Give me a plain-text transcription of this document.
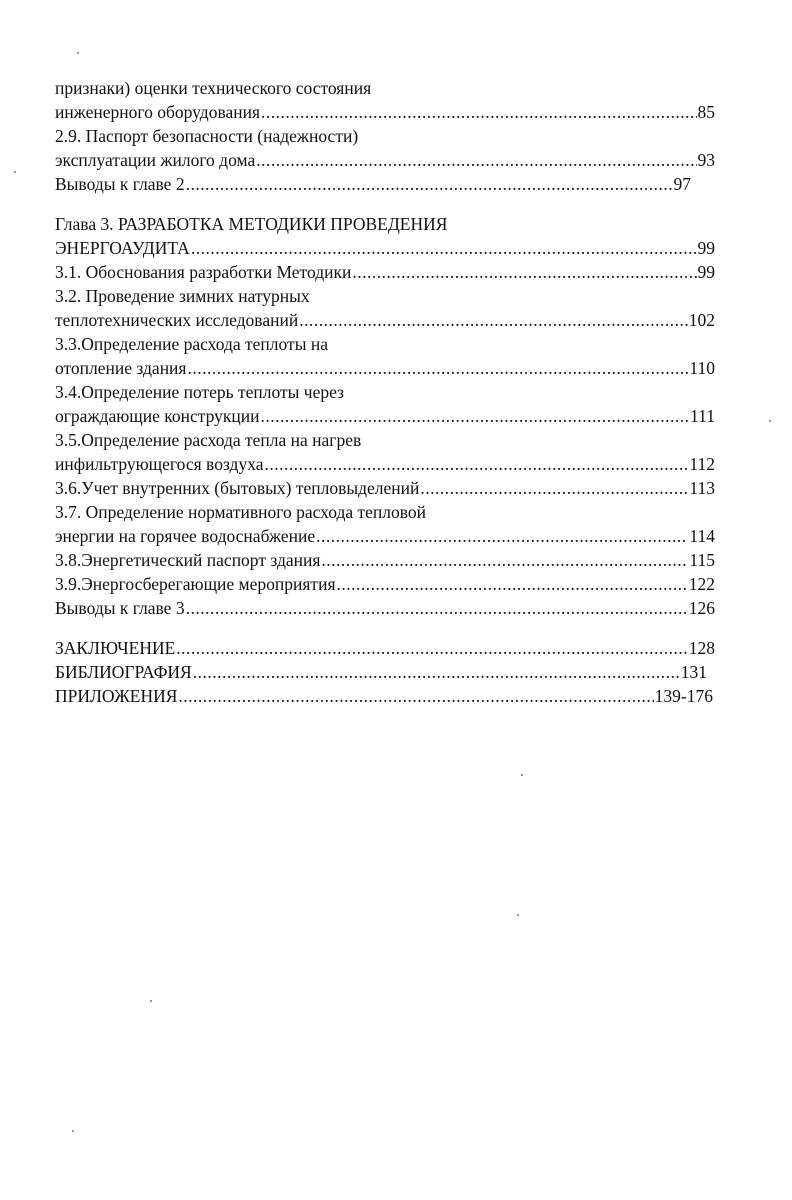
признаки) оценки технического состояния
инженерного оборудования .....	85
2.9. Паспорт безопасности (надежности)
эксплуатации жилого дома .....	93
Выводы к главе 2 .....	97
Глава 3. РАЗРАБОТКА МЕТОДИКИ ПРОВЕДЕНИЯ
ЭНЕРГОАУДИТА .....	99
3.1. Обоснования разработки Методики .....	99
3.2. Проведение зимних натурных
теплотехнических исследований .....	102
3.3.Определение расхода теплоты на
отопление здания .....	110
3.4.Определение потерь теплоты через
ограждающие конструкции .....	111
3.5.Определение расхода тепла на нагрев
инфильтрующегося воздуха .....	112
3.6.Учет внутренних (бытовых) тепловыделений .....	113
3.7. Определение нормативного расхода тепловой
энергии на горячее водоснабжение .....	114
3.8.Энергетический паспорт здания .....	115
3.9.Энергосберегающие мероприятия .....	122
Выводы к главе 3 .....	126
ЗАКЛЮЧЕНИЕ .....	128
БИБЛИОГРАФИЯ .....	131
ПРИЛОЖЕНИЯ .....	139-176
